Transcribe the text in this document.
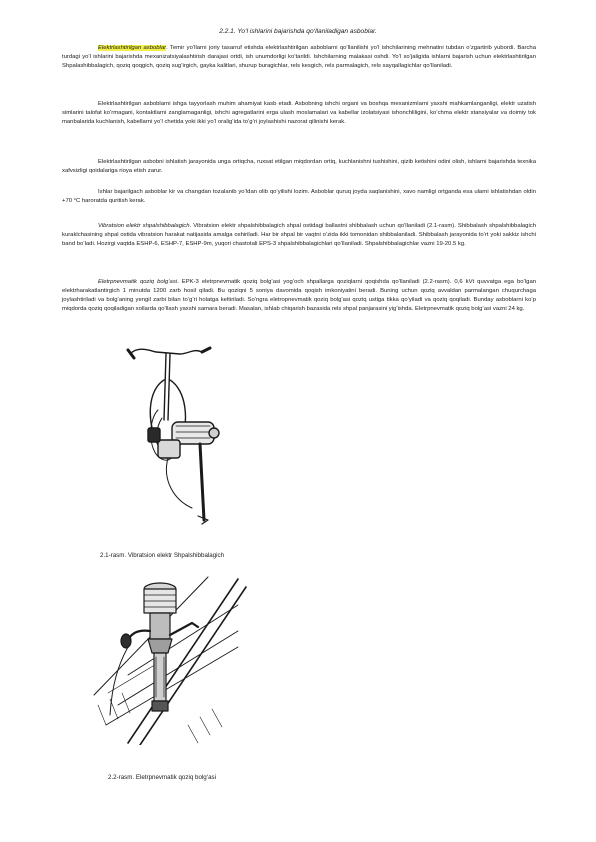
2.2.1. Yo‘l ishlarini bajarishda qo‘llaniladigan asboblar.

Elektrlashtirilgan asboblar. Temir yo‘llarni joriy tasarruf etishda elektrlashtirilgan asboblarni qo‘llanilishi yo‘l ishchilarining mehnatini tubdan o‘zgartirib yubordi. Barcha turdagi yo‘l ishlarini bajarishda mexanizatsiyalashtirish darajasi ortdi, ish unumdorligi ko‘tarildi. Ishchilarning malakasi oshdi. Yo‘l xo‘jaligida ishlarni bajarish uchun elektrlashtirilgan Shpalashibbalagich, qoziq qoqgich, qoziq sug‘irgich, gayka kalitlari, shurup buragichlar, rels kesgich, rels parmalagich, rels sayqallagichlar qo‘llaniladi.

Elektrlashtirilgan asboblarni ishga tayyorlash muhim ahamiyat kasb etadi. Asbobning ishchi organi va boshqa mexanizmlarni yaxshi mahkamlanganligi, elektr uzatish simlarini talofat ko‘rmagani, kontaktlarni zanglamaganligi, ishchi agregatlarini erga ulash moslamalari va kabellar izolatsiyasi ishonchliligini, ko‘chma elektr stansiyalar va doimiy tok manbalarida kuchlanish, kabellarni yo‘l chetida yoki ikki yo‘l oralig‘ida to‘g‘ri joylashishi nazorat qilinishi kerak.

Elektrlashtirilgan asbobni ishlatish jarayonida unga ortiqcha, ruxsat etilgan miqdordan ortiq, kuchlanishni tushishini, qizib ketishini odini olish, ishlarni bajarishda texnika xafvsizligi qoidalariga rioya etish zarur.

Ishlar bajarilgach asboblar kir va changdan tozalanib yo‘ldan olib qo‘yilishi lozim. Asboblar quruq joyda saqlanishini, xavo namligi ortganda esa ularni ishlatishdan oldin +70 °C haroratda quritish kerak.

Vibratsion elektr shpalshibbalagich. Vibratsion elektr shpalshibbalagich shpal ostidagi ballastni shibbalash uchun qo‘llaniladi (2.1-rasm). Shibbalash shpalshibbalagich kuraklchasining shpal ostida vibratsion harakat natijasida amalga oshiriladi. Har bir shpal bir vaqtni o‘zida ikki tomonidan shibbalaniladi. Shibbalash jarayonida to‘rt yoki sakkiz ishchi band bo‘ladi. Hozirgi vaqtda ESHP-6, ESHP-7, ESHP-9m, yuqori chastotali EPS-3 shpalshibbalagichlari qo‘llaniladi. Shpalshibbalagichlar vazni 19-20.5 kg.

Eletrpnevmatik qoziq bolg‘asi. EPK-3 eletrpnevmatik qoziq bolg‘asi yog‘och shpallarga qoziqlarni qoqishda qo‘llaniladi (2.2-rasm). 0,6 kVt quvvatga ega bo‘lgan elektrharakatlantirgich 1 minutda 1200 zarb hosil qiladi. Bu qoziqni 5 soniya davomida qoqish imkoniyatini beradi. Buning uchun qoziq avvaldan parmalangan chuqurchaga joylashtiriladi va bolg‘aning yengil zarbi bilan to‘g‘ri holatga keltiriladi. So‘ngra eletropnevmatik qoziq bolg‘asi qoziq ustiga tikka qo‘yiladi va qoziq qoqiladi. Bunday asboblarni ko‘p miqdorda qoziq qoqiladigan xollarda qo‘llash yaxshi samara beradi. Masalan, ishlab chiqarish bazasida rels shpal panjarasini yig‘ishda. Eletrpnevmatik qoziq bolg‘asi vazni 24 kg.

2.1-rasm. Vibratsion elektr Shpalshibbalagich
2.2-rasm. Eletrpnevmatik qoziq bolg‘asi
